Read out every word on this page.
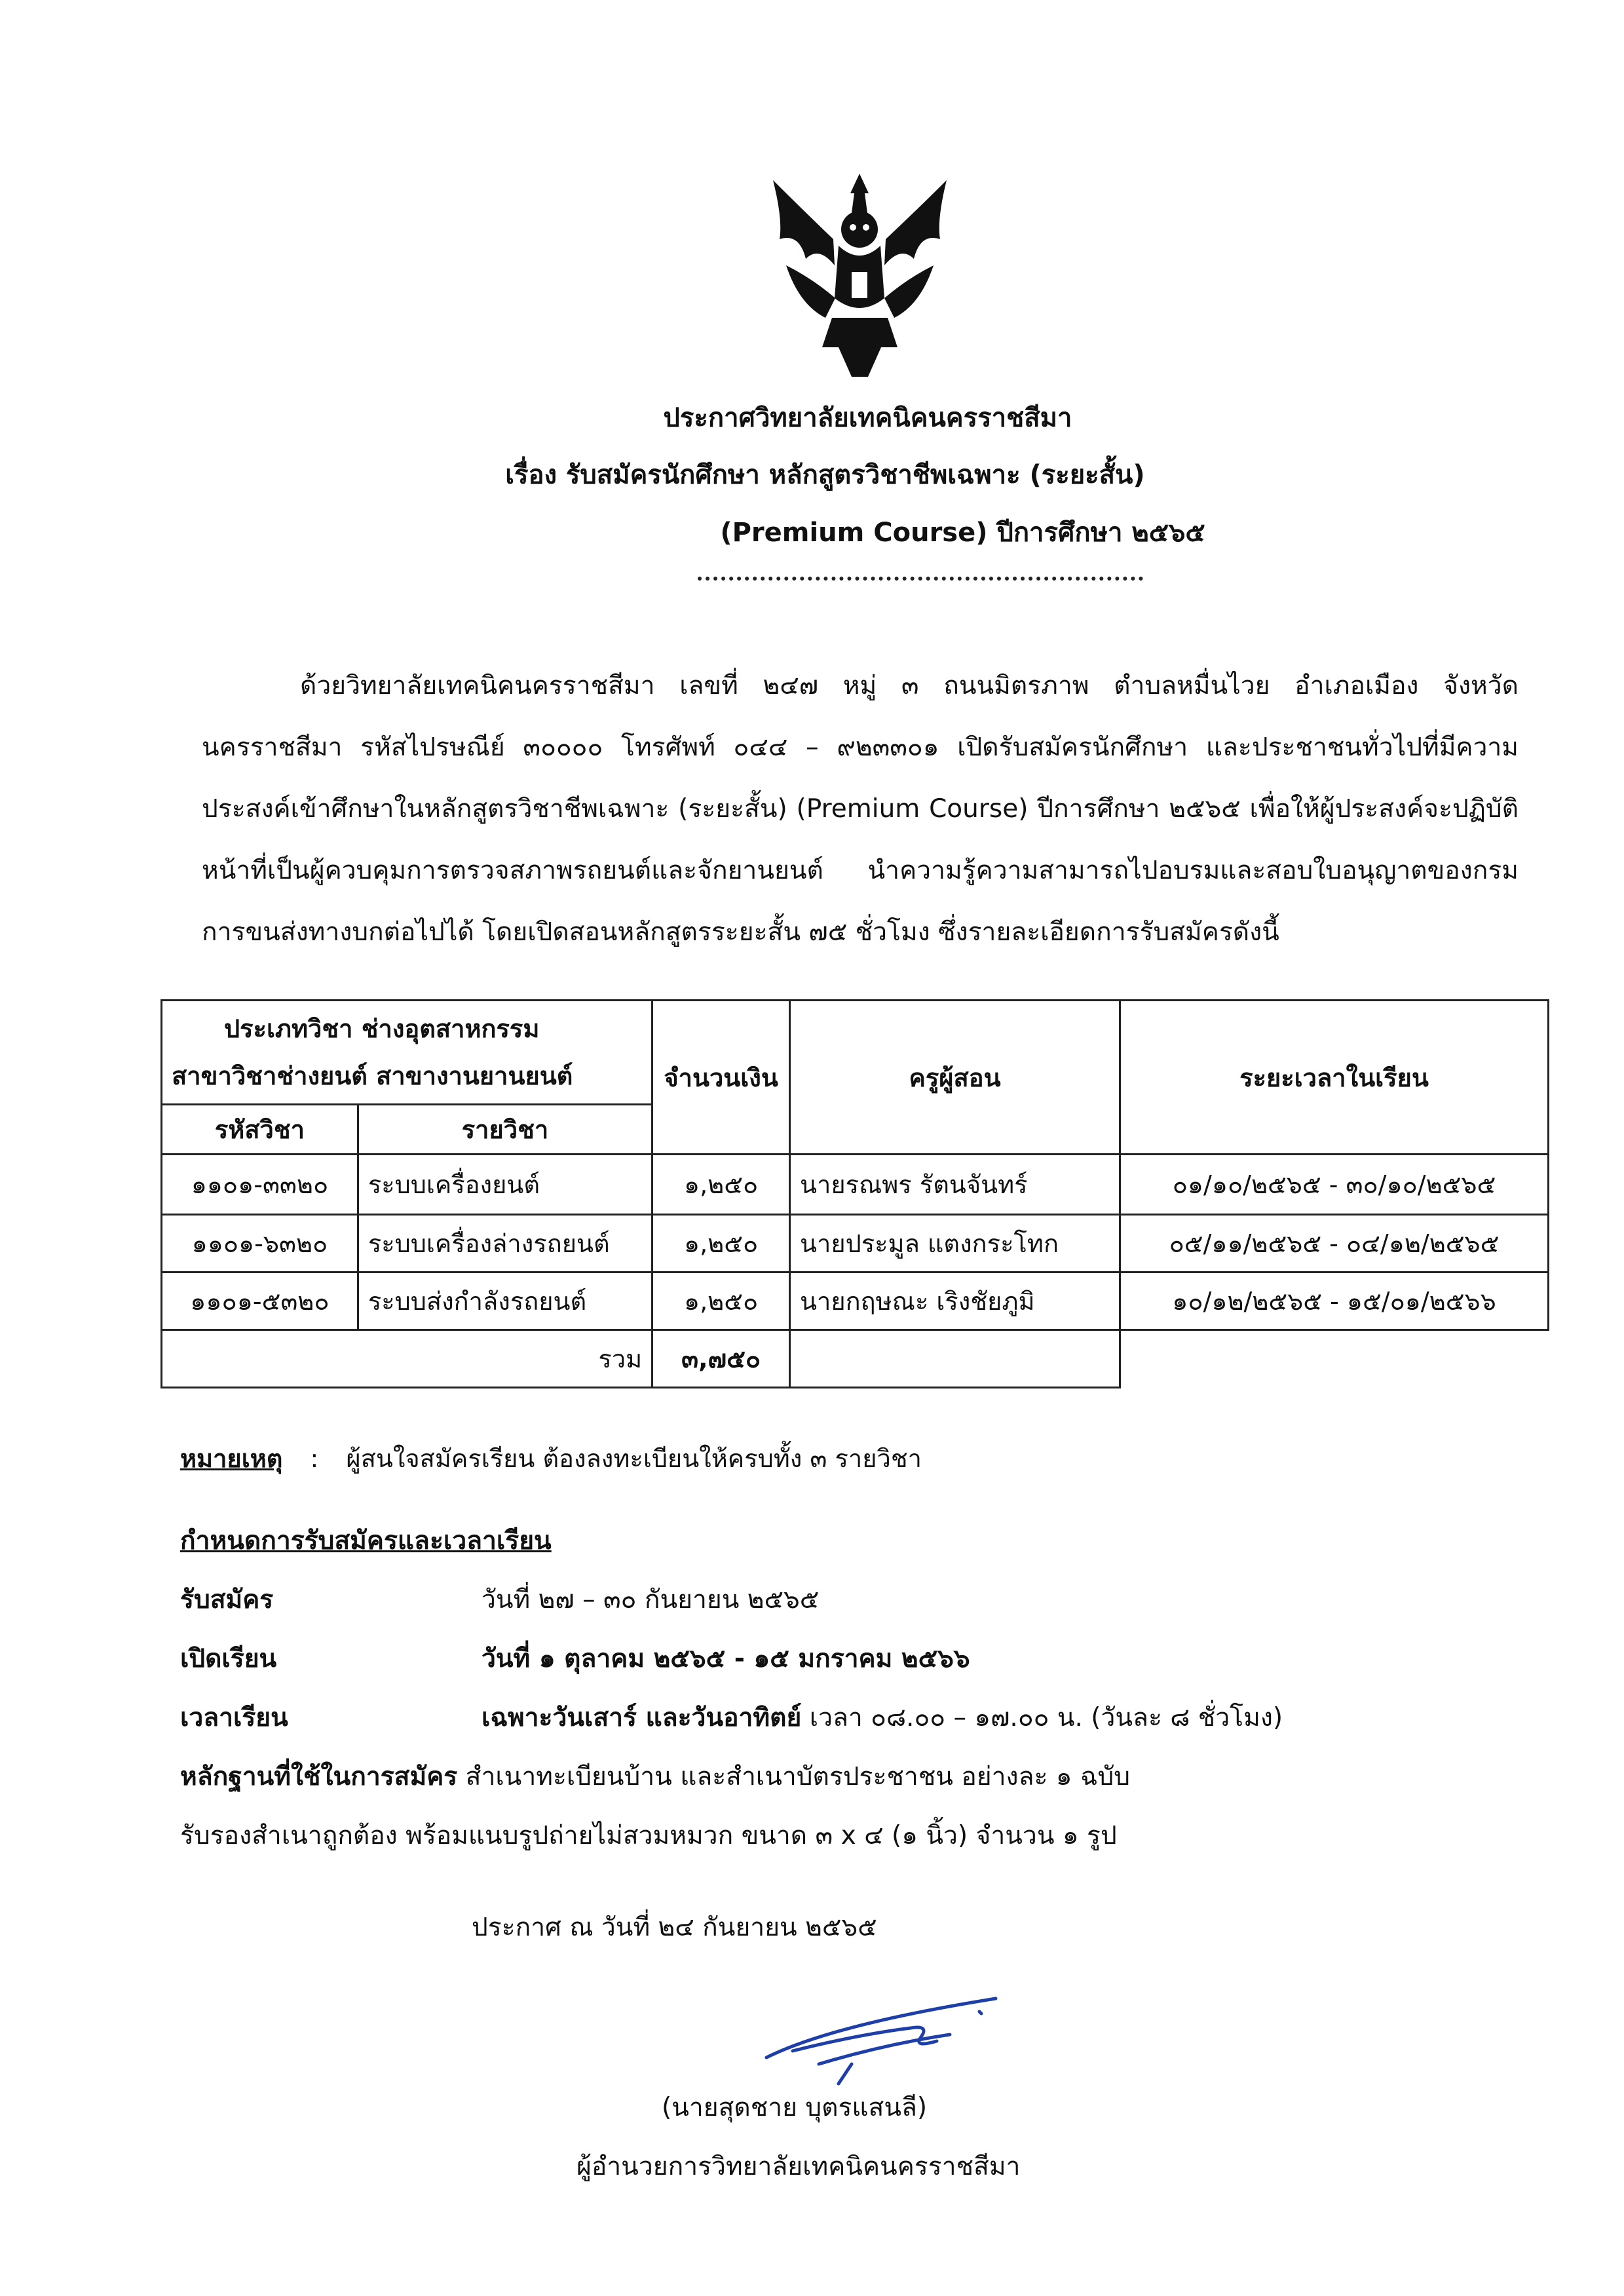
ประกาศวิทยาลัยเทคนิคนครราชสีมา
เรื่อง รับสมัครนักศึกษา หลักสูตรวิชาชีพเฉพาะ (ระยะสั้น)
(Premium Course) ปีการศึกษา ๒๕๖๕
ด้วยวิทยาลัยเทคนิคนครราชสีมา เลขที่ ๒๔๗ หมู่ ๓ ถนนมิตรภาพ ตำบลหมื่นไวย อำเภอเมือง จังหวัดนครราชสีมา รหัสไปรษณีย์ ๓๐๐๐๐ โทรศัพท์ ๐๔๔ – ๙๒๓๓๐๑ เปิดรับสมัครนักศึกษา และประชาชนทั่วไปที่มีความประสงค์เข้าศึกษาในหลักสูตรวิชาชีพเฉพาะ (ระยะสั้น) (Premium Course) ปีการศึกษา ๒๕๖๕ เพื่อให้ผู้ประสงค์จะปฏิบัติหน้าที่เป็นผู้ควบคุมการตรวจสภาพรถยนต์และจักยานยนต์ นำความรู้ความสามารถไปอบรมและสอบใบอนุญาตของกรมการขนส่งทางบกต่อไปได้ โดยเปิดสอนหลักสูตรระยะสั้น ๗๕ ชั่วโมง ซึ่งรายละเอียดการรับสมัครดังนี้
ประเภทวิชา ช่างอุตสาหกรรม
สาขาวิชาช่างยนต์ สาขางานยานยนต์		จำนวนเงิน	ครูผู้สอน	ระยะเวลาในเรียน
รหัสวิชา	รายวิชา			
๑๑๐๑-๓๓๒๐	ระบบเครื่องยนต์	๑,๒๕๐	นายรณพร รัตนจันทร์	๐๑/๑๐/๒๕๖๕ - ๓๐/๑๐/๒๕๖๕
๑๑๐๑-๖๓๒๐	ระบบเครื่องล่างรถยนต์	๑,๒๕๐	นายประมูล แตงกระโทก	๐๕/๑๑/๒๕๖๕ - ๐๔/๑๒/๒๕๖๕
๑๑๐๑-๕๓๒๐	ระบบส่งกำลังรถยนต์	๑,๒๕๐	นายกฤษณะ เริงชัยภูมิ	๑๐/๑๒/๒๕๖๕ - ๑๕/๐๑/๒๕๖๖
รวม		๓,๗๕๐		
หมายเหตุ : ผู้สนใจสมัครเรียน ต้องลงทะเบียนให้ครบทั้ง ๓ รายวิชา
กำหนดการรับสมัครและเวลาเรียน
รับสมัคร	วันที่ ๒๗ – ๓๐ กันยายน ๒๕๖๕
เปิดเรียน	วันที่ ๑ ตุลาคม ๒๕๖๕ - ๑๕ มกราคม ๒๕๖๖
เวลาเรียน	เฉพาะวันเสาร์ และวันอาทิตย์ เวลา ๐๘.๐๐ – ๑๗.๐๐ น. (วันละ ๘ ชั่วโมง)
หลักฐานที่ใช้ในการสมัคร สำเนาทะเบียนบ้าน และสำเนาบัตรประชาชน อย่างละ ๑ ฉบับ
รับรองสำเนาถูกต้อง พร้อมแนบรูปถ่ายไม่สวมหมวก ขนาด ๓ x ๔ (๑ นิ้ว) จำนวน ๑ รูป
ประกาศ ณ วันที่ ๒๔ กันยายน ๒๕๖๕
(นายสุดชาย บุตรแสนลี)
ผู้อำนวยการวิทยาลัยเทคนิคนครราชสีมา
